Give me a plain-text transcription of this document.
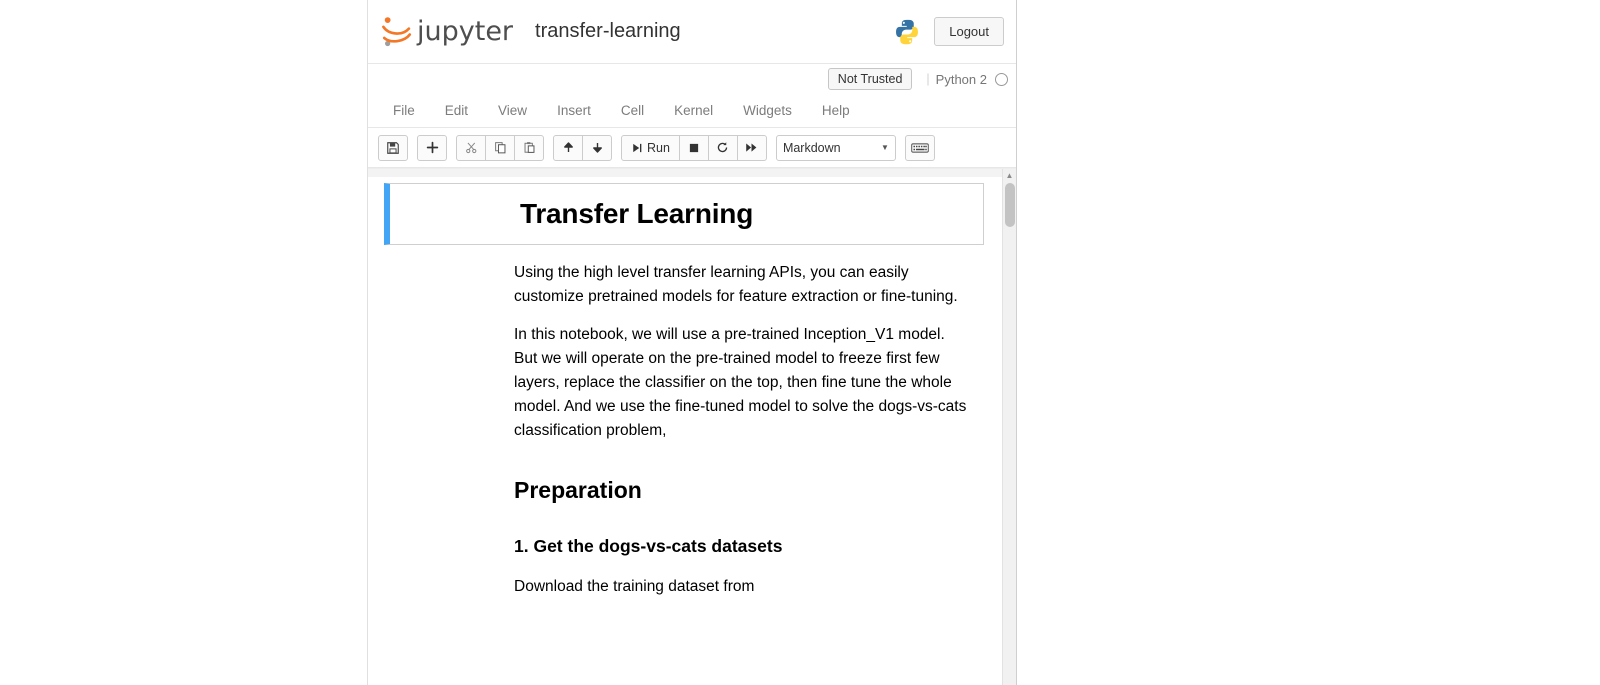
jupyter transfer-learning	Logout
Not Trusted	| Python 2
File	Edit	View	Insert	Cell	Kernel	Widgets	Help
Run	Markdown	▼
Transfer Learning

Using the high level transfer learning APIs, you can easily customize pretrained models for feature extraction or fine-tuning.

In this notebook, we will use a pre-trained Inception_V1 model. But we will operate on the pre-trained model to freeze first few layers, replace the classifier on the top, then fine tune the whole model. And we use the fine-tuned model to solve the dogs-vs-cats classification problem,

Preparation
1. Get the dogs-vs-cats datasets

Download the training dataset from

▲
